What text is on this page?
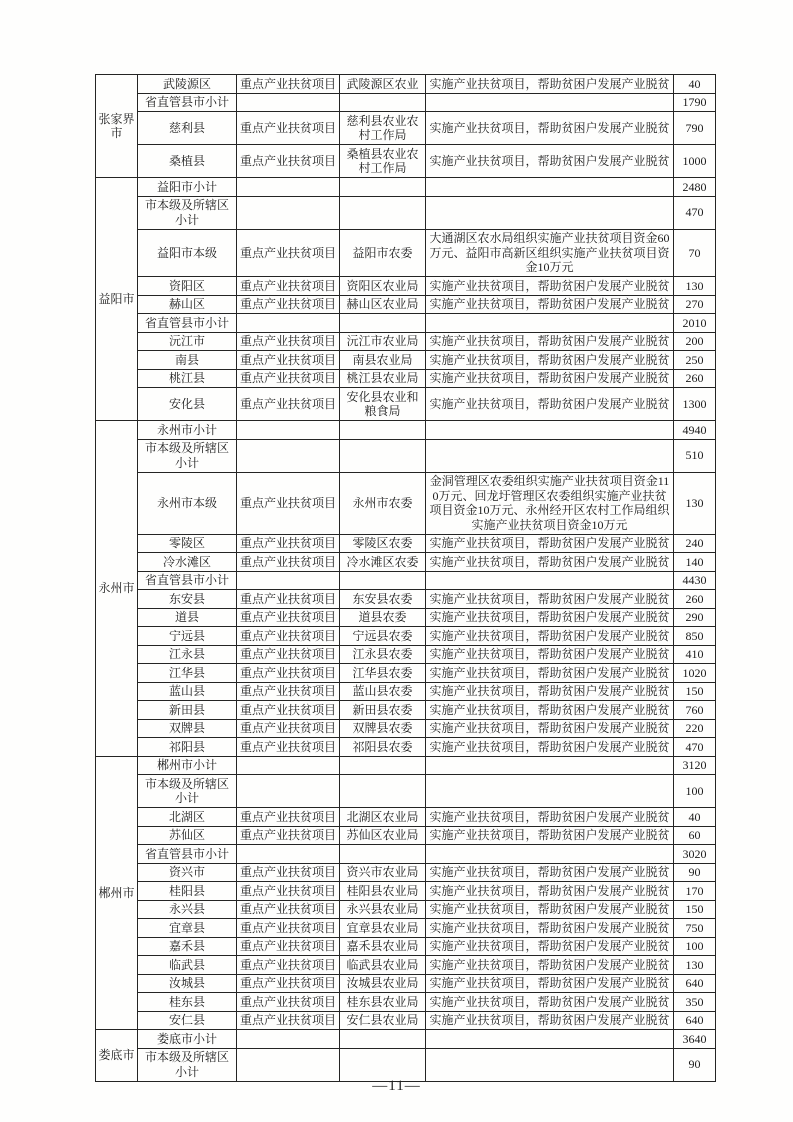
张家界市	武陵源区	重点产业扶贫项目	武陵源区农业	实施产业扶贫项目，帮助贫困户发展产业脱贫	40
	省直管县市小计				1790
	慈利县	重点产业扶贫项目	慈利县农业农村工作局	实施产业扶贫项目，帮助贫困户发展产业脱贫	790
	桑植县	重点产业扶贫项目	桑植县农业农村工作局	实施产业扶贫项目，帮助贫困户发展产业脱贫	1000
益阳市	益阳市小计				2480
	市本级及所辖区小计				470
	益阳市本级	重点产业扶贫项目	益阳市农委	大通湖区农水局组织实施产业扶贫项目资金60万元、益阳市高新区组织实施产业扶贫项目资金10万元	70
	资阳区	重点产业扶贫项目	资阳区农业局	实施产业扶贫项目，帮助贫困户发展产业脱贫	130
	赫山区	重点产业扶贫项目	赫山区农业局	实施产业扶贫项目，帮助贫困户发展产业脱贫	270
	省直管县市小计				2010
	沅江市	重点产业扶贫项目	沅江市农业局	实施产业扶贫项目，帮助贫困户发展产业脱贫	200
	南县	重点产业扶贫项目	南县农业局	实施产业扶贫项目，帮助贫困户发展产业脱贫	250
	桃江县	重点产业扶贫项目	桃江县农业局	实施产业扶贫项目，帮助贫困户发展产业脱贫	260
	安化县	重点产业扶贫项目	安化县农业和粮食局	实施产业扶贫项目，帮助贫困户发展产业脱贫	1300
永州市	永州市小计				4940
	市本级及所辖区小计				510
	永州市本级	重点产业扶贫项目	永州市农委	金洞管理区农委组织实施产业扶贫项目资金110万元、回龙圩管理区农委组织实施产业扶贫项目资金10万元、永州经开区农村工作局组织实施产业扶贫项目资金10万元	130
	零陵区	重点产业扶贫项目	零陵区农委	实施产业扶贫项目，帮助贫困户发展产业脱贫	240
	冷水滩区	重点产业扶贫项目	冷水滩区农委	实施产业扶贫项目，帮助贫困户发展产业脱贫	140
	省直管县市小计				4430
	东安县	重点产业扶贫项目	东安县农委	实施产业扶贫项目，帮助贫困户发展产业脱贫	260
	道县	重点产业扶贫项目	道县农委	实施产业扶贫项目，帮助贫困户发展产业脱贫	290
	宁远县	重点产业扶贫项目	宁远县农委	实施产业扶贫项目，帮助贫困户发展产业脱贫	850
	江永县	重点产业扶贫项目	江永县农委	实施产业扶贫项目，帮助贫困户发展产业脱贫	410
	江华县	重点产业扶贫项目	江华县农委	实施产业扶贫项目，帮助贫困户发展产业脱贫	1020
	蓝山县	重点产业扶贫项目	蓝山县农委	实施产业扶贫项目，帮助贫困户发展产业脱贫	150
	新田县	重点产业扶贫项目	新田县农委	实施产业扶贫项目，帮助贫困户发展产业脱贫	760
	双牌县	重点产业扶贫项目	双牌县农委	实施产业扶贫项目，帮助贫困户发展产业脱贫	220
	祁阳县	重点产业扶贫项目	祁阳县农委	实施产业扶贫项目，帮助贫困户发展产业脱贫	470
郴州市	郴州市小计				3120
	市本级及所辖区小计				100
	北湖区	重点产业扶贫项目	北湖区农业局	实施产业扶贫项目，帮助贫困户发展产业脱贫	40
	苏仙区	重点产业扶贫项目	苏仙区农业局	实施产业扶贫项目，帮助贫困户发展产业脱贫	60
	省直管县市小计				3020
	资兴市	重点产业扶贫项目	资兴市农业局	实施产业扶贫项目，帮助贫困户发展产业脱贫	90
	桂阳县	重点产业扶贫项目	桂阳县农业局	实施产业扶贫项目，帮助贫困户发展产业脱贫	170
	永兴县	重点产业扶贫项目	永兴县农业局	实施产业扶贫项目，帮助贫困户发展产业脱贫	150
	宜章县	重点产业扶贫项目	宜章县农业局	实施产业扶贫项目，帮助贫困户发展产业脱贫	750
	嘉禾县	重点产业扶贫项目	嘉禾县农业局	实施产业扶贫项目，帮助贫困户发展产业脱贫	100
	临武县	重点产业扶贫项目	临武县农业局	实施产业扶贫项目，帮助贫困户发展产业脱贫	130
	汝城县	重点产业扶贫项目	汝城县农业局	实施产业扶贫项目，帮助贫困户发展产业脱贫	640
	桂东县	重点产业扶贫项目	桂东县农业局	实施产业扶贫项目，帮助贫困户发展产业脱贫	350
	安仁县	重点产业扶贫项目	安仁县农业局	实施产业扶贫项目，帮助贫困户发展产业脱贫	640
娄底市	娄底市小计				3640
	市本级及所辖区小计				90
—11—
